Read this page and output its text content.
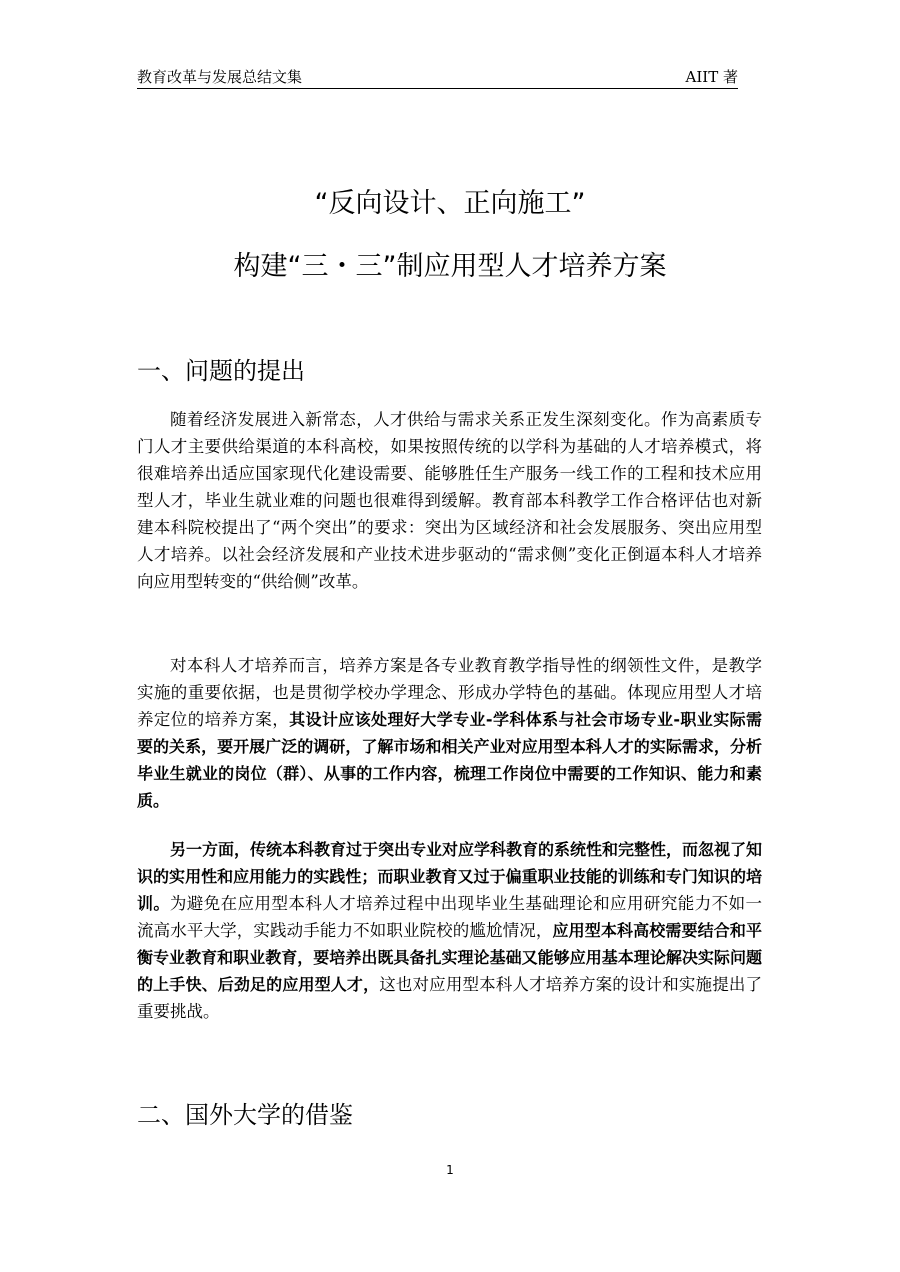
教育改革与发展总结文集	AIIT 著
“反向设计、正向施工”
构建“三・三”制应用型人才培养方案
一、问题的提出

随着经济发展进入新常态，人才供给与需求关系正发生深刻变化。作为高素质专门人才主要供给渠道的本科高校，如果按照传统的以学科为基础的人才培养模式，将很难培养出适应国家现代化建设需要、能够胜任生产服务一线工作的工程和技术应用型人才，毕业生就业难的问题也很难得到缓解。教育部本科教学工作合格评估也对新建本科院校提出了“两个突出”的要求：突出为区域经济和社会发展服务、突出应用型人才培养。以社会经济发展和产业技术进步驱动的“需求侧”变化正倒逼本科人才培养向应用型转变的“供给侧”改革。

对本科人才培养而言，培养方案是各专业教育教学指导性的纲领性文件，是教学实施的重要依据，也是贯彻学校办学理念、形成办学特色的基础。体现应用型人才培养定位的培养方案，其设计应该处理好大学专业-学科体系与社会市场专业-职业实际需要的关系，要开展广泛的调研，了解市场和相关产业对应用型本科人才的实际需求，分析毕业生就业的岗位（群）、从事的工作内容，梳理工作岗位中需要的工作知识、能力和素质。

另一方面，传统本科教育过于突出专业对应学科教育的系统性和完整性，而忽视了知识的实用性和应用能力的实践性；而职业教育又过于偏重职业技能的训练和专门知识的培训。为避免在应用型本科人才培养过程中出现毕业生基础理论和应用研究能力不如一流高水平大学，实践动手能力不如职业院校的尴尬情况，应用型本科高校需要结合和平衡专业教育和职业教育，要培养出既具备扎实理论基础又能够应用基本理论解决实际问题的上手快、后劲足的应用型人才，这也对应用型本科人才培养方案的设计和实施提出了重要挑战。

二、国外大学的借鉴
1
